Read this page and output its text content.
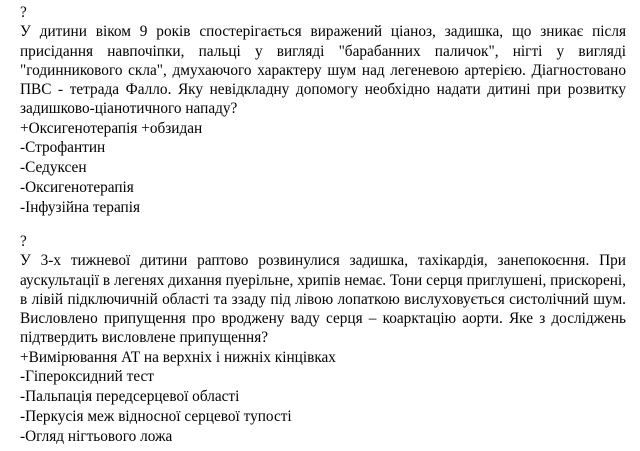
?

У дитини віком 9 років спостерігається виражений ціаноз, задишка, що зникає після присідання навпочіпки, пальці у вигляді "барабанних паличок", нігті у вигляді "годинникового скла", дмухаючого характеру шум над легеневою артерією. Діагностовано ПВС - тетрада Фалло. Яку невідкладну допомогу необхідно надати дитині при розвитку задишково-ціанотичного нападу?

+Оксигенотерапія +обзидан

-Строфантин

-Седуксен

-Оксигенотерапія

-Інфузійна терапія

?

У 3-х тижневої дитини раптово розвинулися задишка, тахікардія, занепокоєння. При аускультації в легенях дихання пуерільне, хрипів немає. Тони серця приглушені, прискорені, в лівій підключичній області та ззаду під лівою лопаткою вислуховується систолічний шум. Висловлено припущення про вроджену ваду серця – коарктацію аорти. Яке з досліджень підтвердить висловлене припущення?

+Вимірювання АТ на верхніх і нижніх кінцівках

-Гіпероксидний тест

-Пальпація передсерцевої області

-Перкусія меж відносної серцевої тупості

-Огляд нігтьового ложа
